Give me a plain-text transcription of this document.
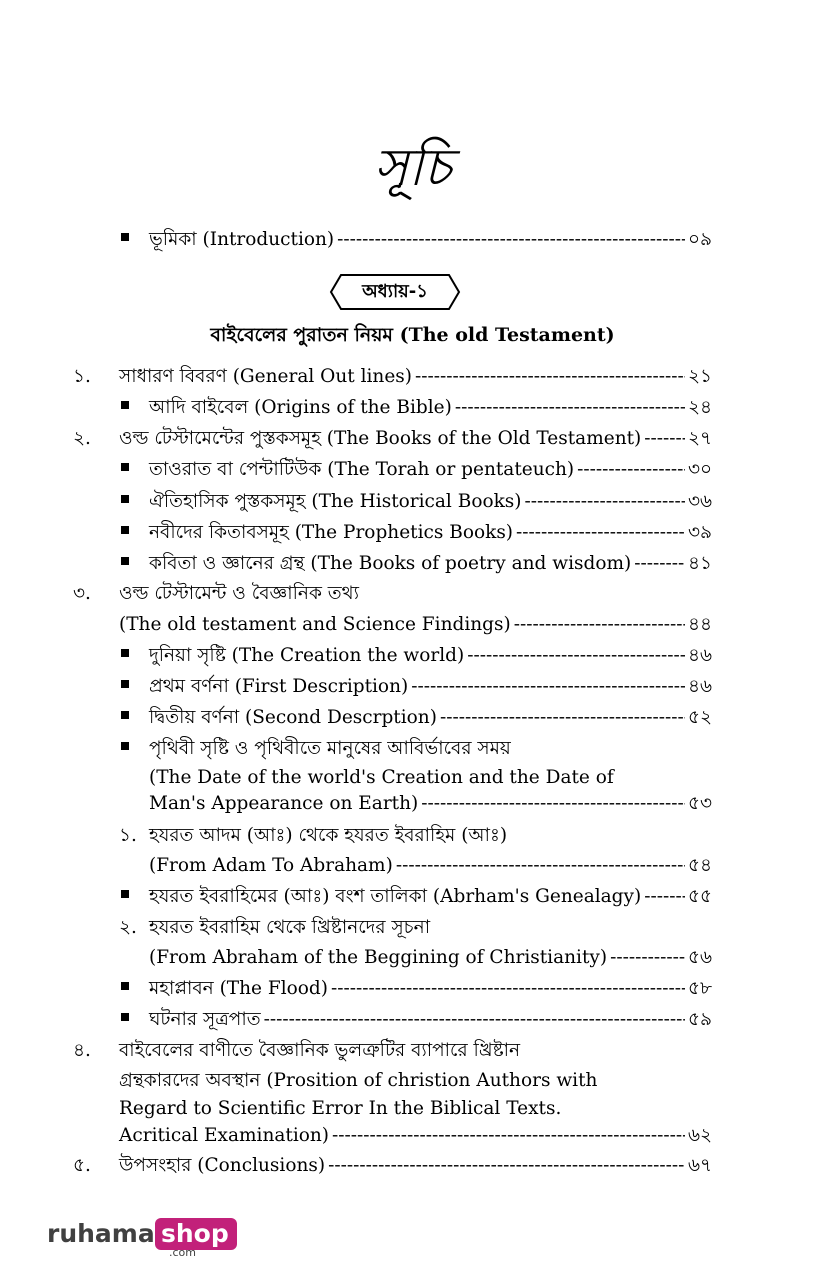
সূচি
ভূমিকা (Introduction) -----	০৯
অধ্যায়-১
বাইবেলের পুরাতন নিয়ম (The old Testament)
১.	সাধারণ বিবরণ (General Out lines) -----	২১
আদি বাইবেল (Origins of the Bible) -----	২৪
২.	ওল্ড টেস্টামেন্টের পুস্তকসমূহ (The Books of the Old Testament) -----	২৭
তাওরাত বা পেন্টাটিউক (The Torah or pentateuch) -----	৩০
ঐতিহাসিক পুস্তকসমূহ (The Historical Books) -----	৩৬
নবীদের কিতাবসমূহ (The Prophetics Books) -----	৩৯
কবিতা ও জ্ঞানের গ্রন্থ (The Books of poetry and wisdom) -----	৪১
৩.	ওল্ড টেস্টামেন্ট ও বৈজ্ঞানিক তথ্য
(The old testament and Science Findings) -----	৪৪
দুনিয়া সৃষ্টি (The Creation the world) -----	৪৬
প্রথম বর্ণনা (First Description) -----	৪৬
দ্বিতীয় বর্ণনা (Second Descrption) -----	৫২
পৃথিবী সৃষ্টি ও পৃথিবীতে মানুষের আবির্ভাবের সময়
(The Date of the world's Creation and the Date of
Man's Appearance on Earth) -----	৫৩
১. হযরত আদম (আঃ) থেকে হযরত ইবরাহিম (আঃ)
(From Adam To Abraham) -----	৫৪
হযরত ইবরাহিমের (আঃ) বংশ তালিকা (Abrham's Genealagy) -----	৫৫
২. হযরত ইবরাহিম থেকে খ্রিষ্টানদের সূচনা
(From Abraham of the Beggining of Christianity) -----	৫৬
মহাপ্লাবন (The Flood) -----	৫৮
ঘটনার সূত্রপাত -----	৫৯
৪.	বাইবেলের বাণীতে বৈজ্ঞানিক ভুলত্রুটির ব্যাপারে খ্রিষ্টান
গ্রন্থকারদের অবস্থান (Prosition of christion Authors with
Regard to Scientific Error In the Biblical Texts.
Acritical Examination) -----	৬২
৫.	উপসংহার (Conclusions) -----	৬৭
ruhama shop
.com
